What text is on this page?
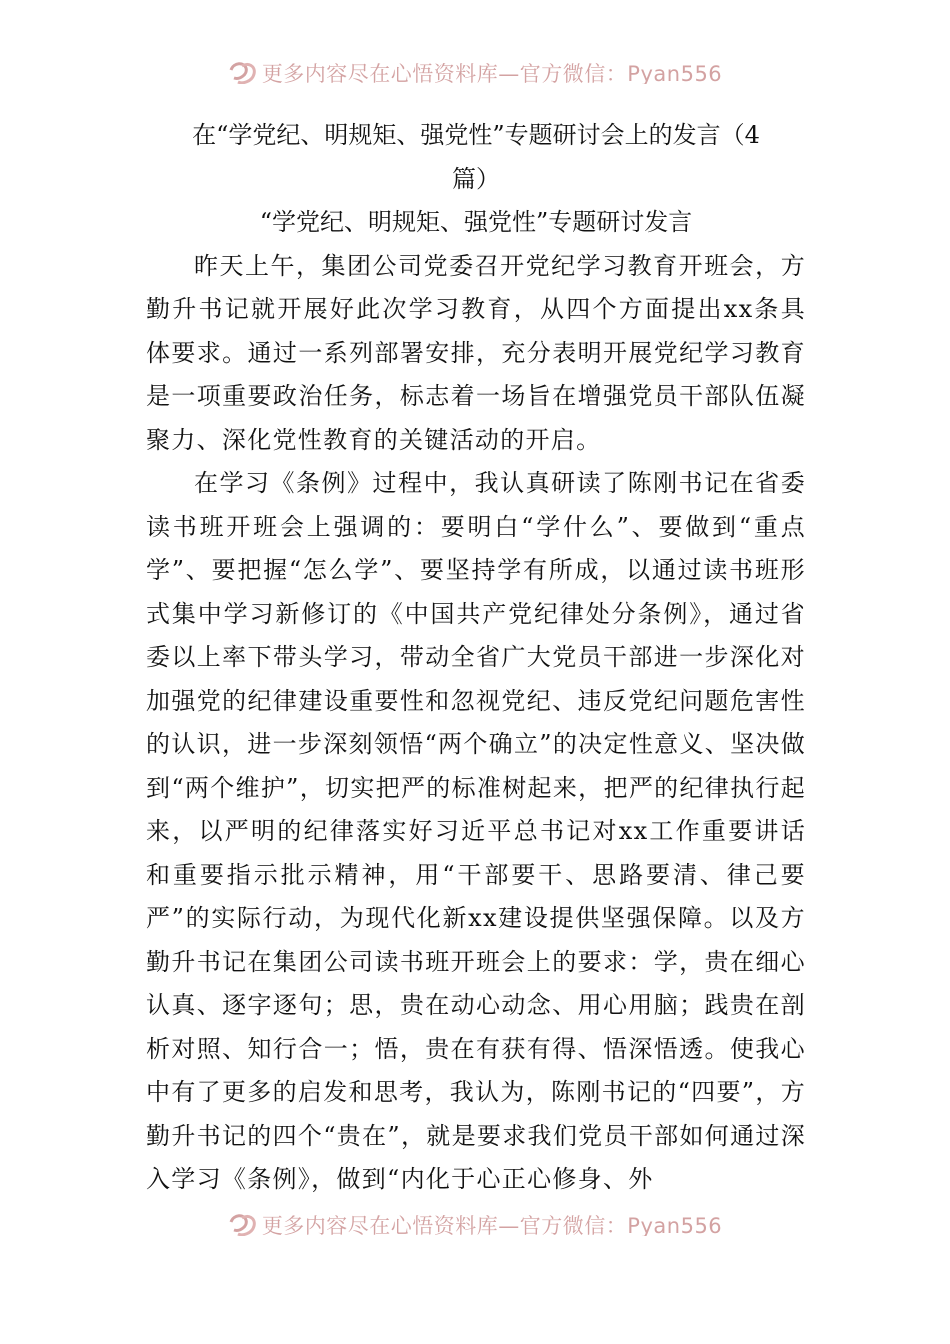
更多内容尽在心悟资料库—官方微信：Pyan556
在“学党纪、明规矩、强党性”专题研讨会上的发言（4
篇）
“学党纪、明规矩、强党性”专题研讨发言

昨天上午，集团公司党委召开党纪学习教育开班会，方勤升书记就开展好此次学习教育，从四个方面提出xx条具体要求。通过一系列部署安排，充分表明开展党纪学习教育是一项重要政治任务，标志着一场旨在增强党员干部队伍凝聚力、深化党性教育的关键活动的开启。

在学习《条例》过程中，我认真研读了陈刚书记在省委读书班开班会上强调的：要明白“学什么”、要做到“重点学”、要把握“怎么学”、要坚持学有所成，以通过读书班形式集中学习新修订的《中国共产党纪律处分条例》，通过省委以上率下带头学习，带动全省广大党员干部进一步深化对加强党的纪律建设重要性和忽视党纪、违反党纪问题危害性的认识，进一步深刻领悟“两个确立”的决定性意义、坚决做到“两个维护”，切实把严的标准树起来，把严的纪律执行起来，以严明的纪律落实好习近平总书记对xx工作重要讲话和重要指示批示精神，用“干部要干、思路要清、律己要严”的实际行动，为现代化新xx建设提供坚强保障。以及方勤升书记在集团公司读书班开班会上的要求：学，贵在细心认真、逐字逐句；思，贵在动心动念、用心用脑；践贵在剖析对照、知行合一；悟，贵在有获有得、悟深悟透。使我心中有了更多的启发和思考，我认为，陈刚书记的“四要”，方勤升书记的四个“贵在”，就是要求我们党员干部如何通过深入学习《条例》，做到“内化于心正心修身、外

更多内容尽在心悟资料库—官方微信：Pyan556
